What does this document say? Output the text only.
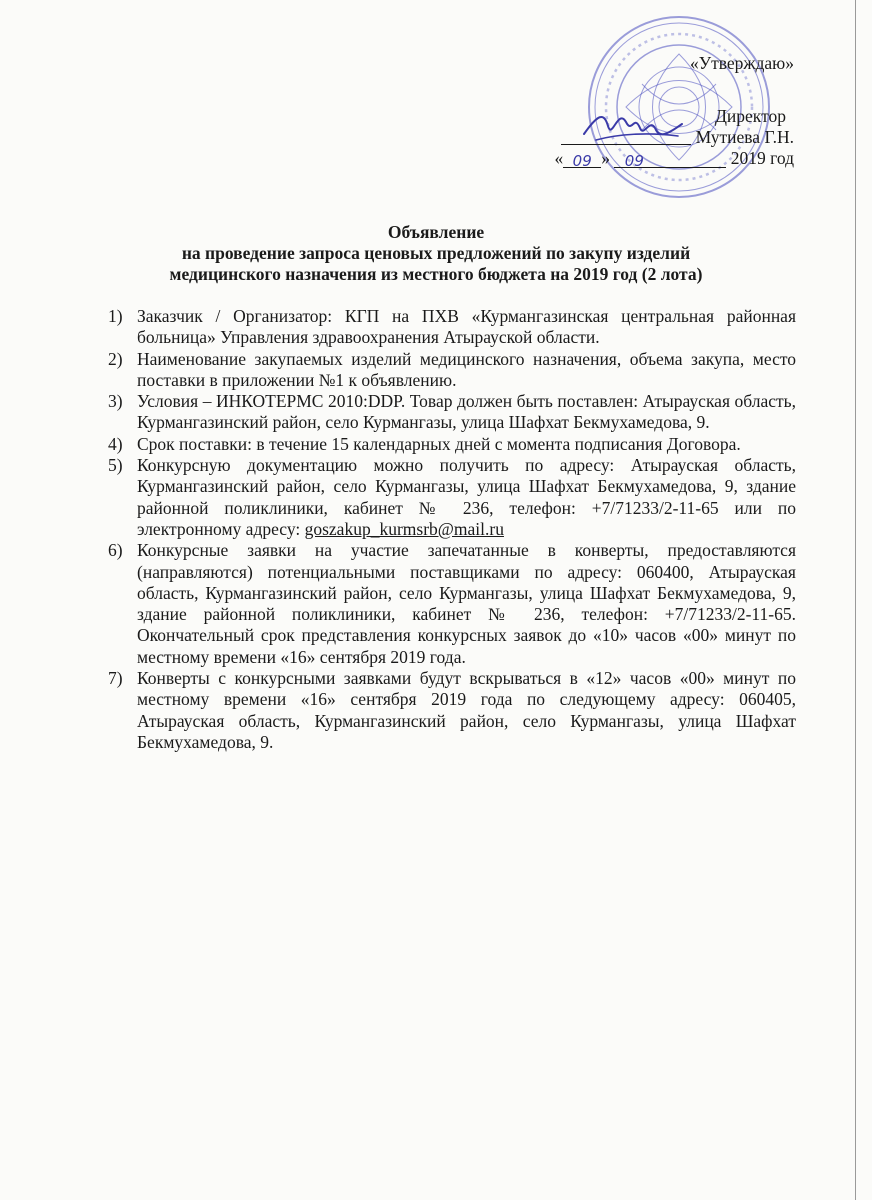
«Утверждаю»
Директор
Мутиева Г.Н.
« 09 » 09	2019 год
Объявление
на проведение запроса ценовых предложений по закупу изделий
медицинского назначения из местного бюджета на 2019 год (2 лота)
1) Заказчик / Организатор: КГП на ПХВ «Курмангазинская центральная районная больница» Управления здравоохранения Атырауской области.
2) Наименование закупаемых изделий медицинского назначения, объема закупа, место поставки в приложении №1 к объявлению.
3) Условия – ИНКОТЕРМС 2010:DDP. Товар должен быть поставлен: Атырауская область, Курмангазинский район, село Курмангазы, улица Шафхат Бекмухамедова, 9.
4) Срок поставки: в течение 15 календарных дней с момента подписания Договора.
5) Конкурсную документацию можно получить по адресу: Атырауская область, Курмангазинский район, село Курмангазы, улица Шафхат Бекмухамедова, 9, здание районной поликлиники, кабинет № 236, телефон: +7/71233/2-11-65 или по электронному адресу: goszakup_kurmsrb@mail.ru
6) Конкурсные заявки на участие запечатанные в конверты, предоставляются (направляются) потенциальными поставщиками по адресу: 060400, Атырауская область, Курмангазинский район, село Курмангазы, улица Шафхат Бекмухамедова, 9, здание районной поликлиники, кабинет № 236, телефон: +7/71233/2-11-65. Окончательный срок представления конкурсных заявок до «10» часов «00» минут по местному времени «16» сентября 2019 года.
7) Конверты с конкурсными заявками будут вскрываться в «12» часов «00» минут по местному времени «16» сентября 2019 года по следующему адресу: 060405, Атырауская область, Курмангазинский район, село Курмангазы, улица Шафхат Бекмухамедова, 9.
